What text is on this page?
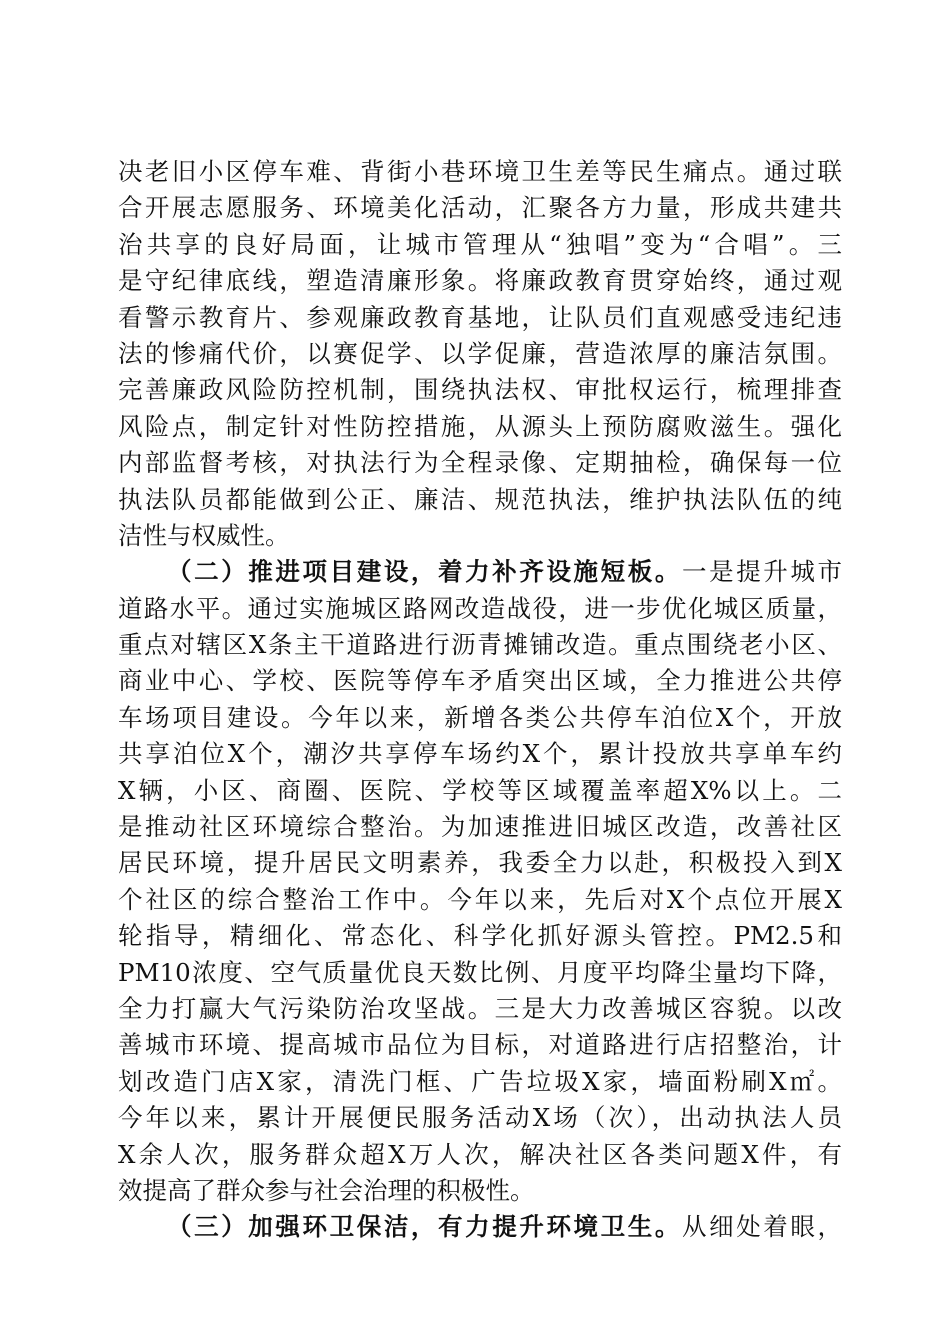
决老旧小区停车难、背街小巷环境卫生差等民生痛点。通过联
合开展志愿服务、环境美化活动，汇聚各方力量，形成共建共
治共享的良好局面，让城市管理从“独唱”变为“合唱”。三
是守纪律底线，塑造清廉形象。将廉政教育贯穿始终，通过观
看警示教育片、参观廉政教育基地，让队员们直观感受违纪违
法的惨痛代价，以赛促学、以学促廉，营造浓厚的廉洁氛围。
完善廉政风险防控机制，围绕执法权、审批权运行，梳理排查
风险点，制定针对性防控措施，从源头上预防腐败滋生。强化
内部监督考核，对执法行为全程录像、定期抽检，确保每一位
执法队员都能做到公正、廉洁、规范执法，维护执法队伍的纯
洁性与权威性。
（二）推进项目建设，着力补齐设施短板。一是提升城市
道路水平。通过实施城区路网改造战役，进一步优化城区质量，
重点对辖区X条主干道路进行沥青摊铺改造。重点围绕老小区、
商业中心、学校、医院等停车矛盾突出区域，全力推进公共停
车场项目建设。今年以来，新增各类公共停车泊位X个，开放
共享泊位X个，潮汐共享停车场约X个，累计投放共享单车约
X辆，小区、商圈、医院、学校等区域覆盖率超X%以上。二
是推动社区环境综合整治。为加速推进旧城区改造，改善社区
居民环境，提升居民文明素养，我委全力以赴，积极投入到X
个社区的综合整治工作中。今年以来，先后对X个点位开展X
轮指导，精细化、常态化、科学化抓好源头管控。PM2.5和
PM10浓度、空气质量优良天数比例、月度平均降尘量均下降，
全力打赢大气污染防治攻坚战。三是大力改善城区容貌。以改
善城市环境、提高城市品位为目标，对道路进行店招整治，计
划改造门店X家，清洗门框、广告垃圾X家，墙面粉刷X㎡。
今年以来，累计开展便民服务活动X场（次），出动执法人员
X余人次，服务群众超X万人次，解决社区各类问题X件，有
效提高了群众参与社会治理的积极性。
（三）加强环卫保洁，有力提升环境卫生。从细处着眼，
